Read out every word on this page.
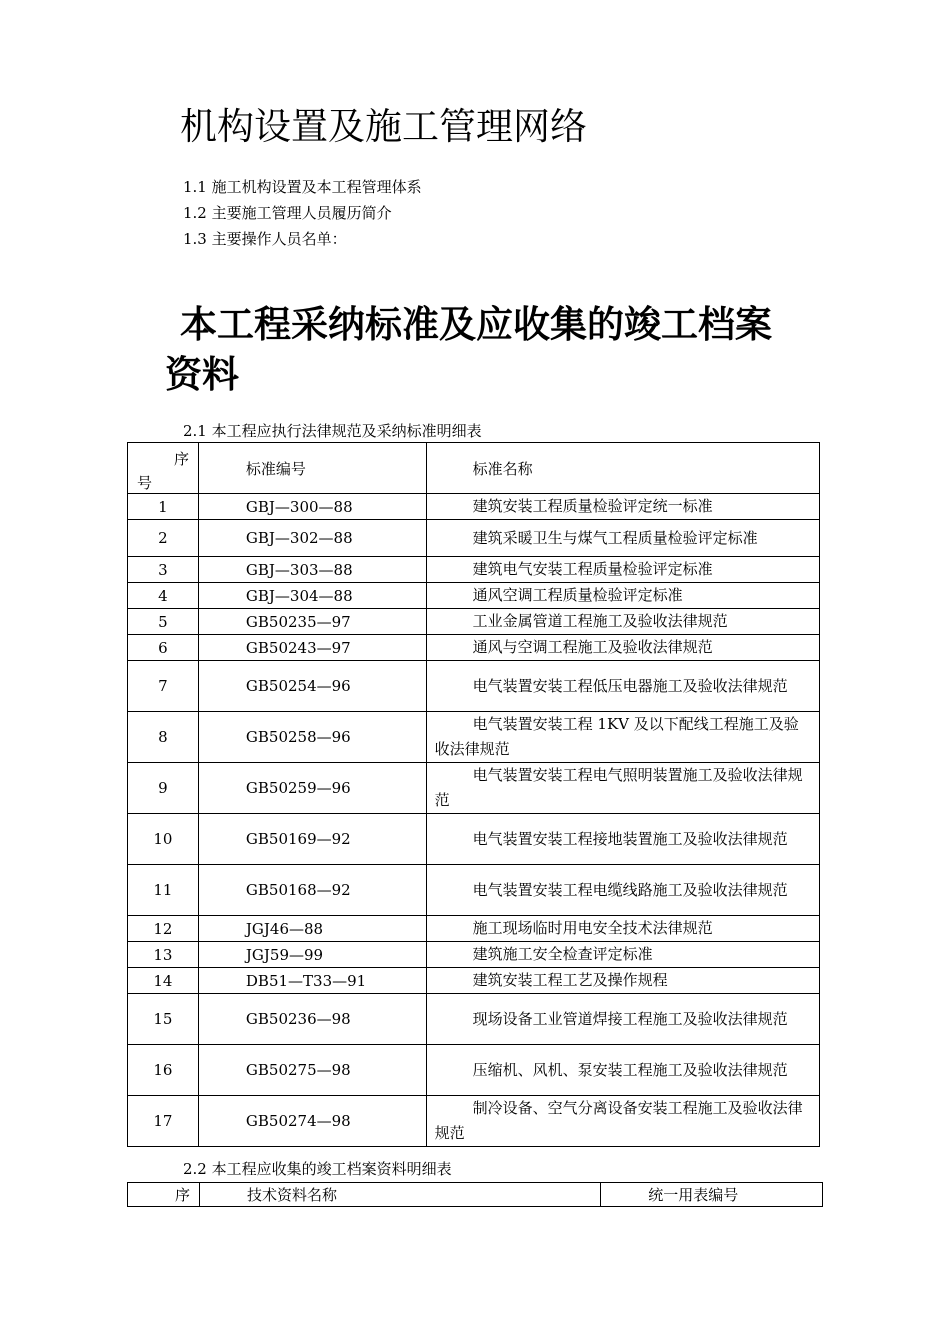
机构设置及施工管理网络
1.1 施工机构设置及本工程管理体系
1.2 主要施工管理人员履历简介
1.3 主要操作人员名单：
本工程采纳标准及应收集的竣工档案资料
2.1 本工程应执行法律规范及采纳标准明细表
序
号	标准编号	标准名称
1	GBJ—300—88	建筑安装工程质量检验评定统一标准
2	GBJ—302—88	建筑采暖卫生与煤气工程质量检验评定标准
3	GBJ—303—88	建筑电气安装工程质量检验评定标准
4	GBJ—304—88	通风空调工程质量检验评定标准
5	GB50235—97	工业金属管道工程施工及验收法律规范
6	GB50243—97	通风与空调工程施工及验收法律规范
7	GB50254—96	电气装置安装工程低压电器施工及验收法律规范
8	GB50258—96	电气装置安装工程 1KV 及以下配线工程施工及验收法律规范
9	GB50259—96	电气装置安装工程电气照明装置施工及验收法律规范
10	GB50169—92	电气装置安装工程接地装置施工及验收法律规范
11	GB50168—92	电气装置安装工程电缆线路施工及验收法律规范
12	JGJ46—88	施工现场临时用电安全技术法律规范
13	JGJ59—99	建筑施工安全检查评定标准
14	DB51—T33—91	建筑安装工程工艺及操作规程
15	GB50236—98	现场设备工业管道焊接工程施工及验收法律规范
16	GB50275—98	压缩机、风机、泵安装工程施工及验收法律规范
17	GB50274—98	制冷设备、空气分离设备安装工程施工及验收法律规范
2.2 本工程应收集的竣工档案资料明细表
序	技术资料名称	统一用表编号
